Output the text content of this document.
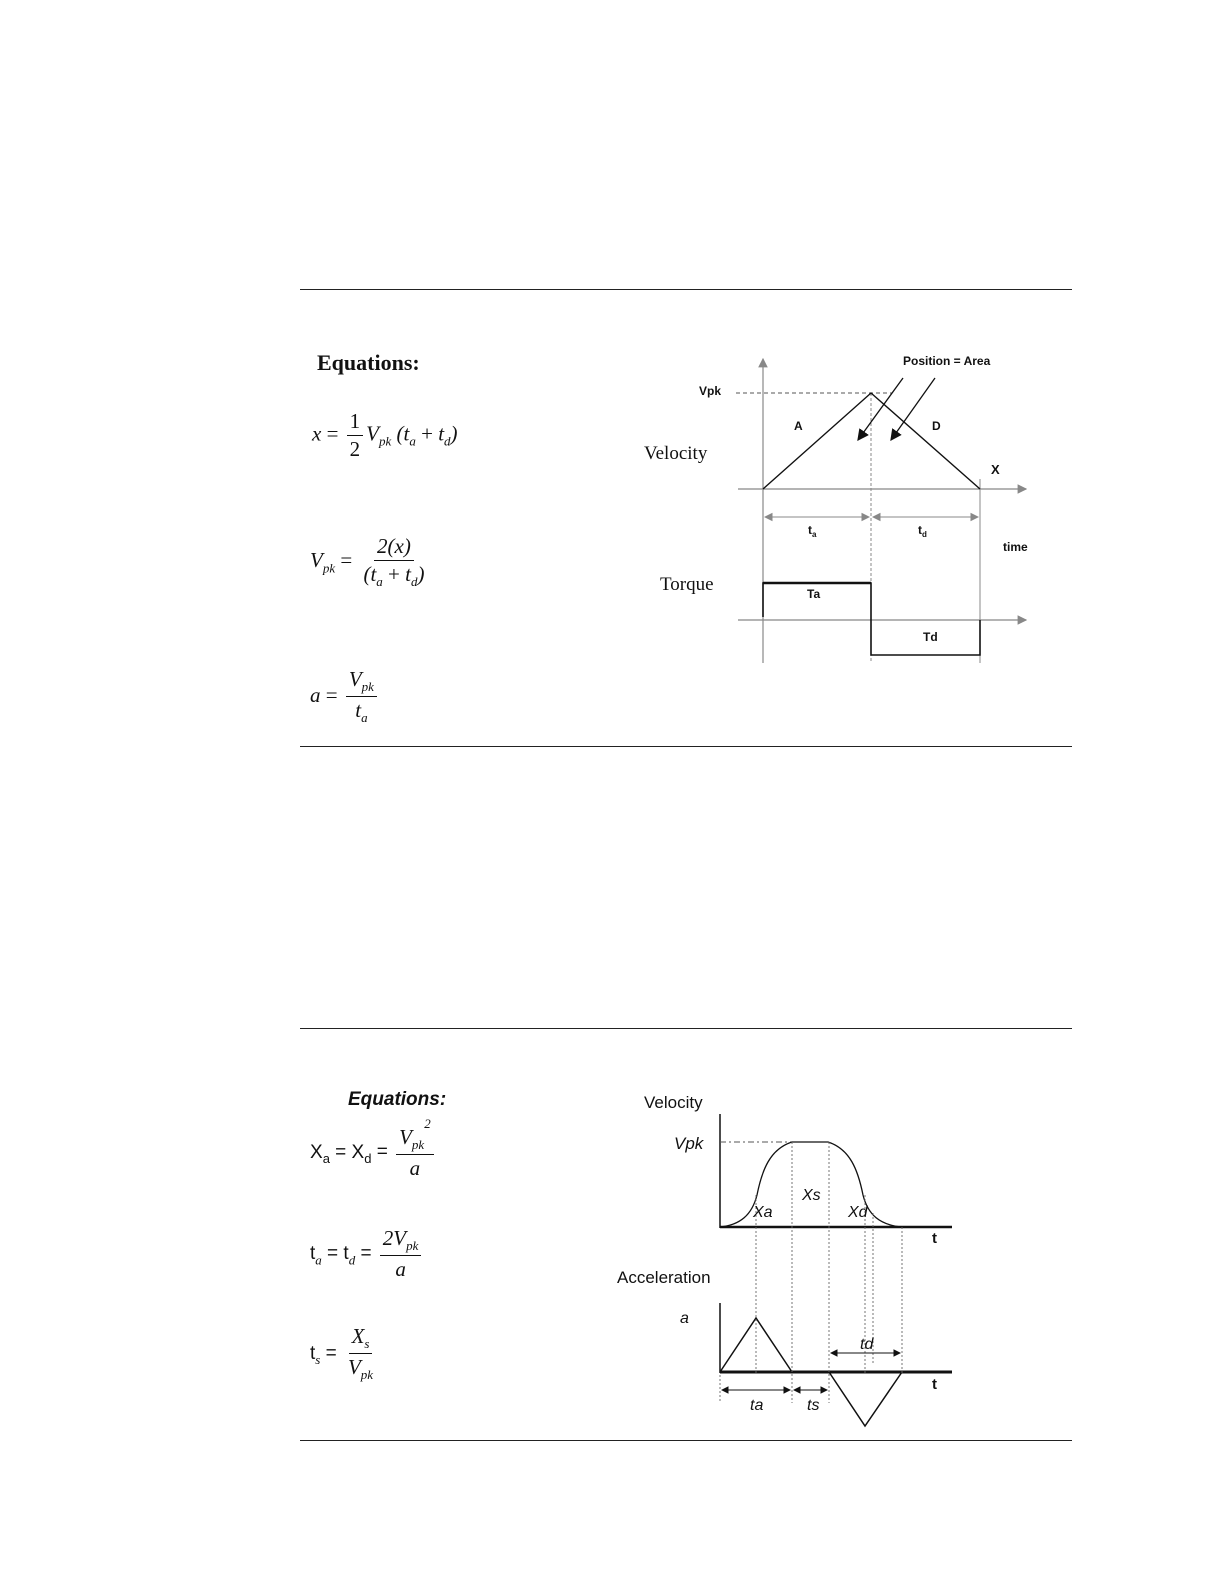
Equations:
$x = \frac{1}{2} V_{pk}$ $(t_a + t_d)$
$V_{pk} = \frac{2(x)}{(t_a + t_d)}$
$a = \frac{V_{pk}}{t_a}$
Vpk
Position = Area
A	D
X
Velocity
$t_a$	$t_d$
time
Torque	Ta
Td
Equations:
$X_a = X_d = \frac{V_{pk}^2}{a}$
$t_a = t_d = \frac{2V_{pk}}{a}$
$t_s = \frac{X_s}{V_{pk}}$
Velocity
Vpk
Xs
Xa	Xd
t
Acceleration
a
td
t
ta	ts
